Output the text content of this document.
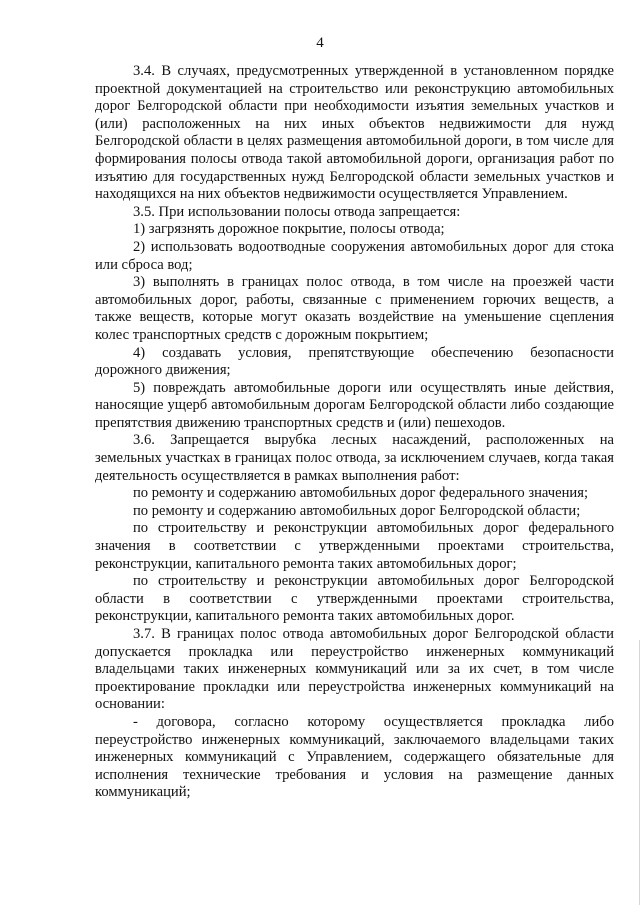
4

3.4. В случаях, предусмотренных утвержденной в установленном порядке проектной документацией на строительство или реконструкцию автомобильных дорог Белгородской области при необходимости изъятия земельных участков и (или) расположенных на них иных объектов недвижимости для нужд Белгородской области в целях размещения автомобильной дороги, в том числе для формирования полосы отвода такой автомобильной дороги, организация работ по изъятию для государственных нужд Белгородской области земельных участков и находящихся на них объектов недвижимости осуществляется Управлением.

3.5. При использовании полосы отвода запрещается:

1) загрязнять дорожное покрытие, полосы отвода;

2) использовать водоотводные сооружения автомобильных дорог для стока или сброса вод;

3) выполнять в границах полос отвода, в том числе на проезжей части автомобильных дорог, работы, связанные с применением горючих веществ, а также веществ, которые могут оказать воздействие на уменьшение сцепления колес транспортных средств с дорожным покрытием;

4) создавать условия, препятствующие обеспечению безопасности дорожного движения;

5) повреждать автомобильные дороги или осуществлять иные действия, наносящие ущерб автомобильным дорогам Белгородской области либо создающие препятствия движению транспортных средств и (или) пешеходов.

3.6. Запрещается вырубка лесных насаждений, расположенных на земельных участках в границах полос отвода, за исключением случаев, когда такая деятельность осуществляется в рамках выполнения работ:

по ремонту и содержанию автомобильных дорог федерального значения;

по ремонту и содержанию автомобильных дорог Белгородской области;

по строительству и реконструкции автомобильных дорог федерального значения в соответствии с утвержденными проектами строительства, реконструкции, капитального ремонта таких автомобильных дорог;

по строительству и реконструкции автомобильных дорог Белгородской области в соответствии с утвержденными проектами строительства, реконструкции, капитального ремонта таких автомобильных дорог.

3.7. В границах полос отвода автомобильных дорог Белгородской области допускается прокладка или переустройство инженерных коммуникаций владельцами таких инженерных коммуникаций или за их счет, в том числе проектирование прокладки или переустройства инженерных коммуникаций на основании:

- договора, согласно которому осуществляется прокладка либо переустройство инженерных коммуникаций, заключаемого владельцами таких инженерных коммуникаций с Управлением, содержащего обязательные для исполнения технические требования и условия на размещение данных коммуникаций;
